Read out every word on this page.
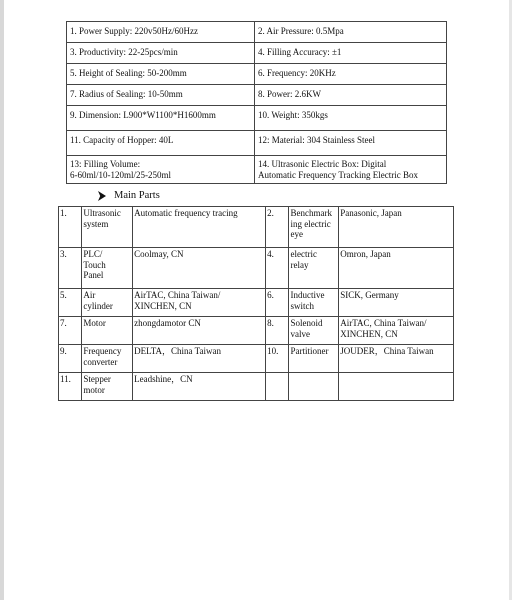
1. Power Supply: 220v50Hz/60Hzz	2. Air Pressure: 0.5Mpa
3. Productivity: 22-25pcs/min	4. Filling Accuracy: ±1
5. Height of Sealing: 50-200mm	6. Frequency: 20KHz
7. Radius of Sealing: 10-50mm	8. Power: 2.6KW
9. Dimension: L900*W1100*H1600mm	10. Weight: 350kgs
11. Capacity of Hopper: 40L	12: Material: 304 Stainless Steel

13: Filling Volume:
6-60ml/10-120ml/25-250ml	14. Ultrasonic Electric Box: Digital
Automatic Frequency Tracking Electric Box
Main Parts
1.	Ultrasonic
system	Automatic frequency tracing	2.	Benchmark
ing electric
eye	Panasonic, Japan

3.	PLC/
Touch
Panel	Coolmay, CN	4.	electric
relay	Omron, Japan

5.	Air
cylinder	AirTAC, China Taiwan/
XINCHEN, CN	6.	Inductive
switch	SICK, Germany

7.	Motor	zhongdamotor CN	8.	Solenoid
valve	AirTAC, China Taiwan/
XINCHEN, CN

9.	Frequency
converter	DELTA，China Taiwan	10.	Partitioner	JOUDER，China Taiwan

11.	Stepper
motor	Leadshine，CN			
